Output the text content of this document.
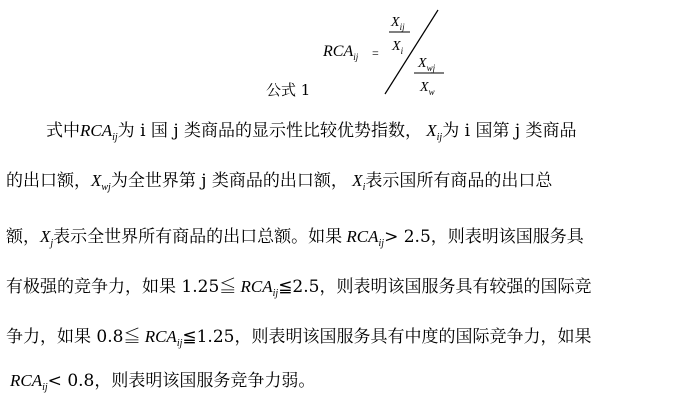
$RCA_{ij}$ =
$X_{ij}$
$X_i$
$X_{wj}$
$X_w$
公式 1
式中$RCA_{ij}$为 i 国 j 类商品的显示性比较优势指数， $X_{ij}$为 i 国第 j 类商品
的出口额，$X_{wj}$为全世界第 j 类商品的出口额， $X_i$表示国所有商品的出口总
额，$X_j$表示全世界所有商品的出口总额。如果 $RCA_{ij}> 2.5$，则表明该国服务具
有极强的竞争力，如果 1.25≦ $RCA_{ij}≦2.5$，则表明该国服务具有较强的国际竞
争力，如果 0.8≦ $RCA_{ij}≦1.25$，则表明该国服务具有中度的国际竞争力，如果
$RCA_{ij}< 0.8$，则表明该国服务竞争力弱。
